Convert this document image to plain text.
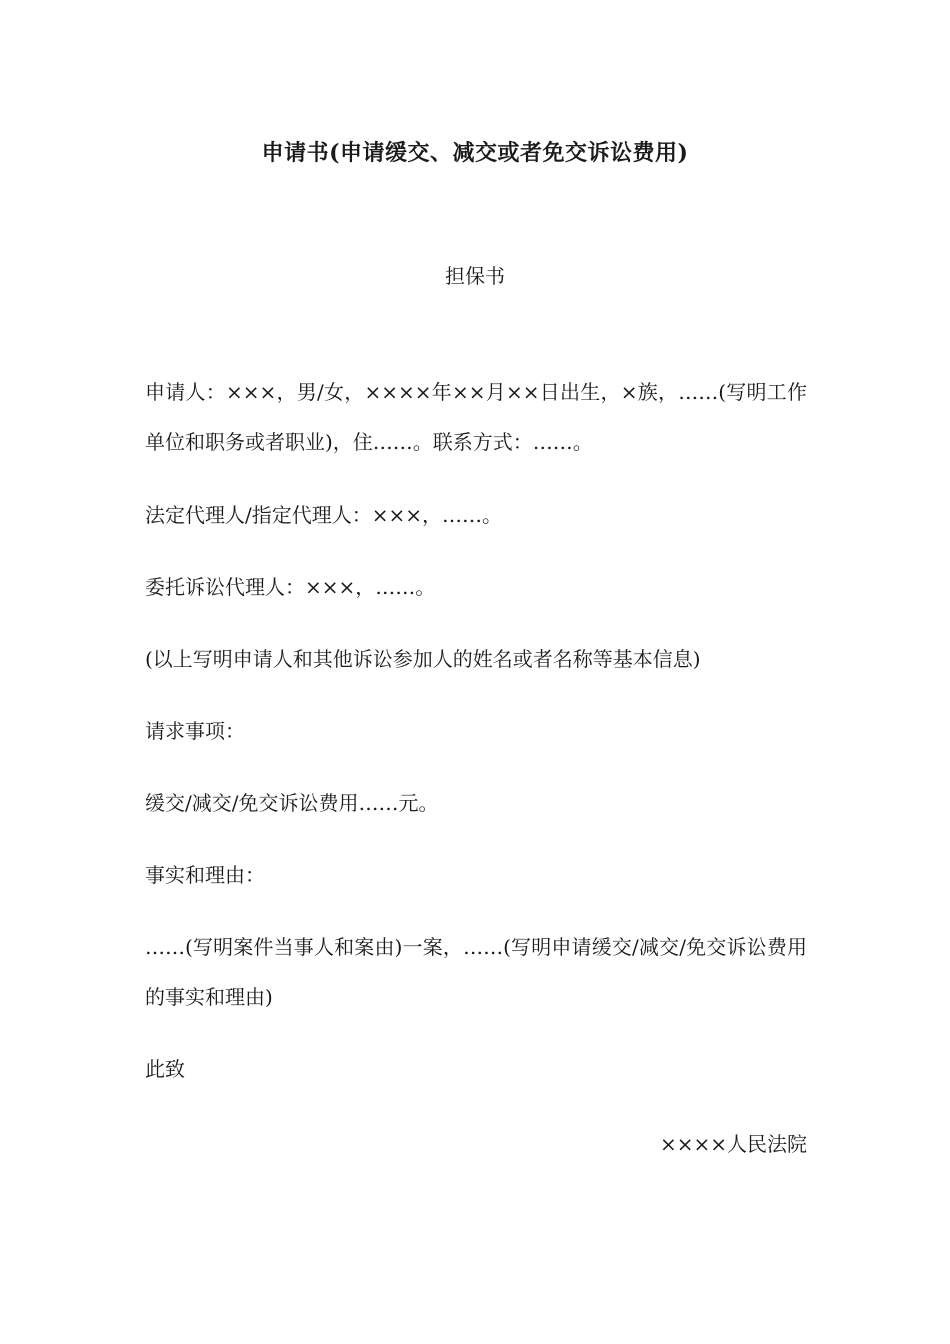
申请书(申请缓交、减交或者免交诉讼费用)
担保书
申请人：×××，男/女，××××年××月××日出生，×族，……(写明工作单位和职务或者职业)，住……。联系方式：……。
法定代理人/指定代理人：×××，……。
委托诉讼代理人：×××，……。
(以上写明申请人和其他诉讼参加人的姓名或者名称等基本信息)
请求事项：
缓交/减交/免交诉讼费用……元。
事实和理由：
……(写明案件当事人和案由)一案，……(写明申请缓交/减交/免交诉讼费用的事实和理由)
此致
××××人民法院
